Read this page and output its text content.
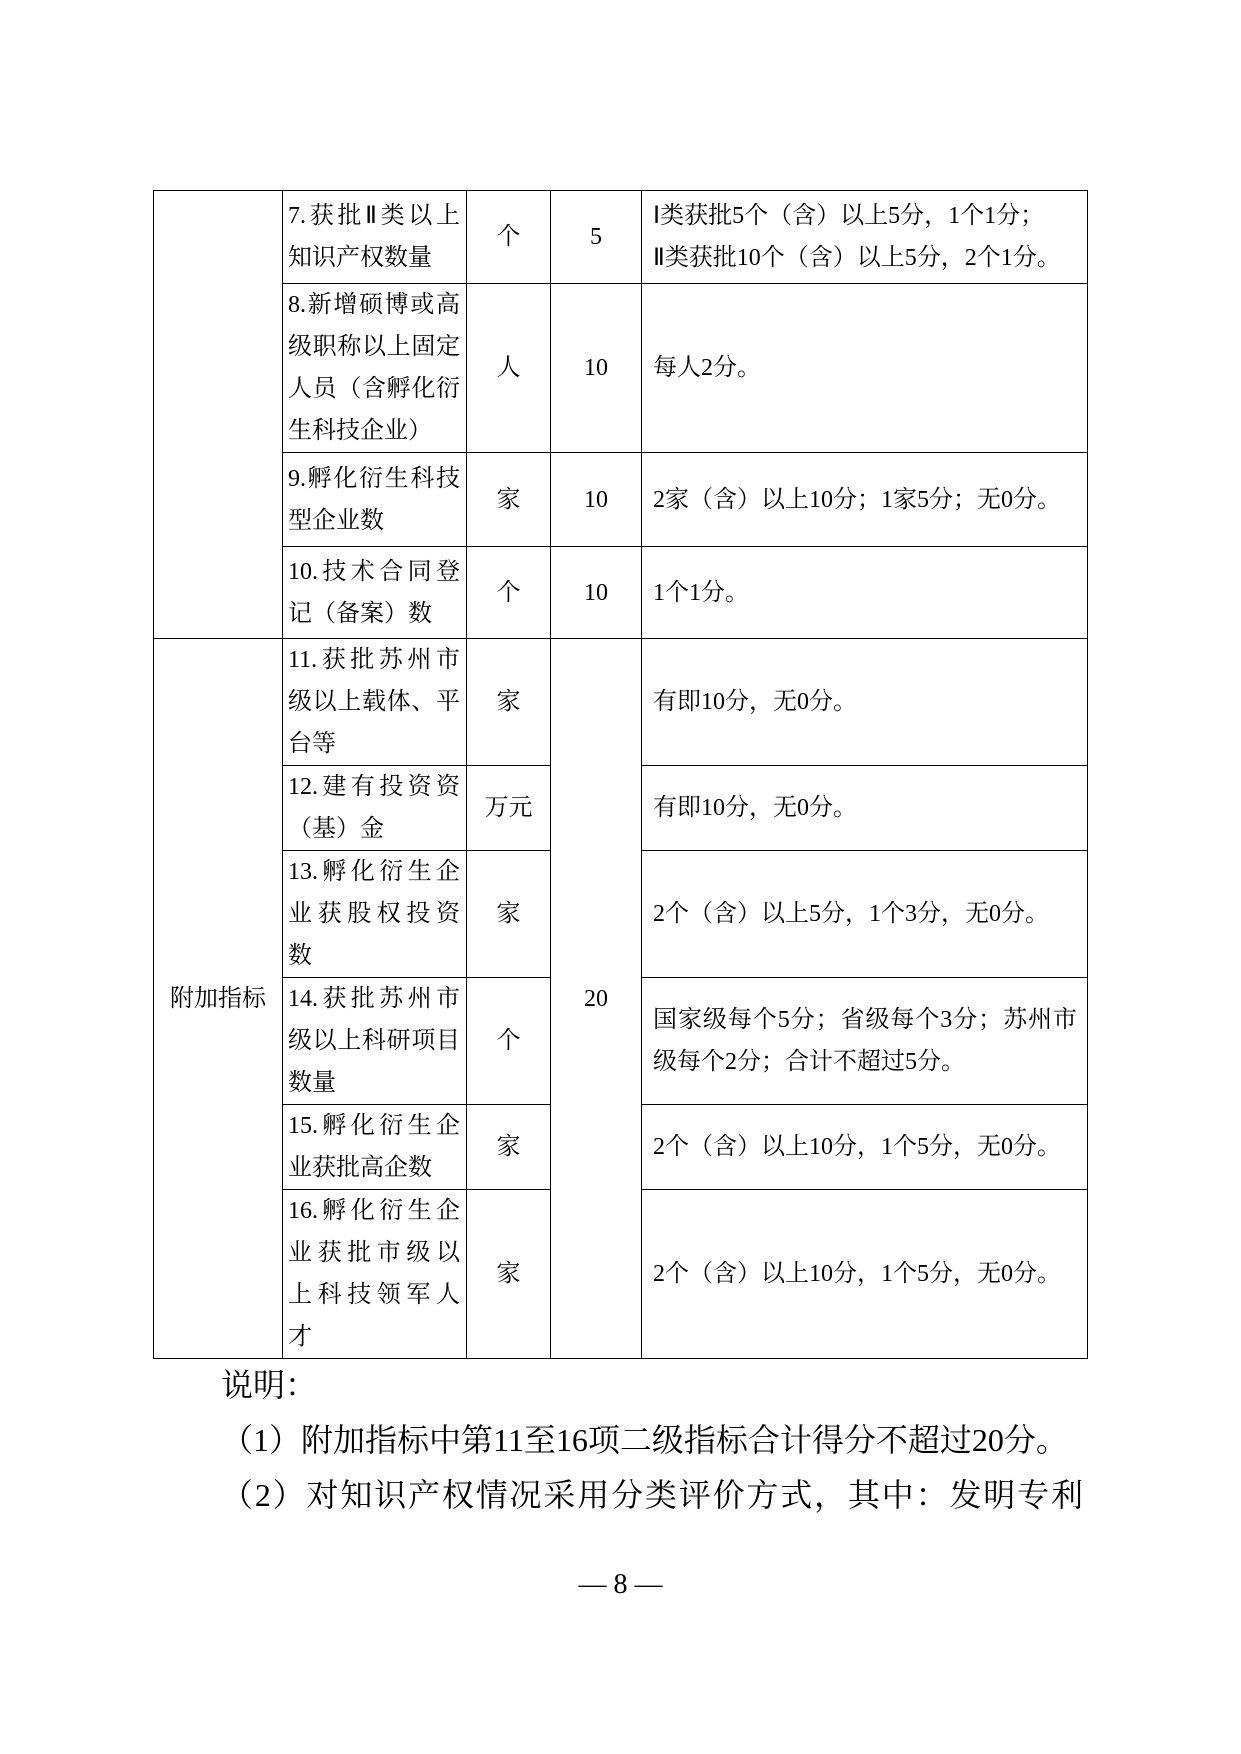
	7.获批Ⅱ类以上
知识产权数量	个	5	Ⅰ类获批5个（含）以上5分，1个1分；
Ⅱ类获批10个（含）以上5分，2个1分。

	8.新增硕博或高
级职称以上固定
人员（含孵化衍
生科技企业）	人	10	每人2分。

	9.孵化衍生科技
型企业数	家	10	2家（含）以上10分；1家5分；无0分。

	10.技术合同登
记（备案）数	个	10	1个1分。

附加指标	11.获批苏州市
级以上载体、平
台等	家	20	有即10分，无0分。

	12.建有投资资
（基）金	万元		有即10分，无0分。

	13.孵化衍生企
业获股权投资
数	家		2个（含）以上5分，1个3分，无0分。

	14.获批苏州市
级以上科研项目
数量	个		国家级每个5分；省级每个3分；苏州市
级每个2分；合计不超过5分。

	15.孵化衍生企
业获批高企数	家		2个（含）以上10分，1个5分，无0分。

	16.孵化衍生企
业获批市级以
上科技领军人
才	家		2个（含）以上10分，1个5分，无0分。

说明：

（1）附加指标中第11至16项二级指标合计得分不超过20分。

（2）对知识产权情况采用分类评价方式，其中：发明专利

— 8 —
